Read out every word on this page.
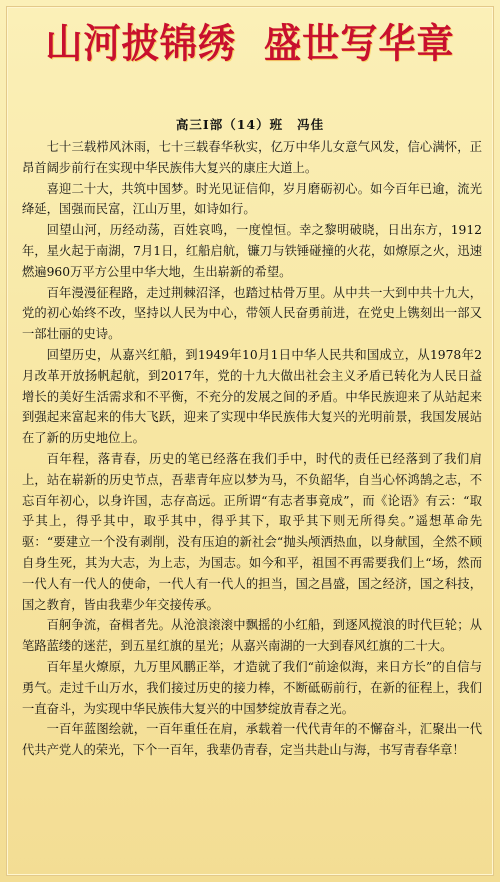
山河披锦绣 盛世写华章
高三Ⅰ部（14）班 冯佳

七十三载栉风沐雨，七十三载春华秋实，亿万中华儿女意气风发，信心满怀，正昂首阔步前行在实现中华民族伟大复兴的康庄大道上。

喜迎二十大，共筑中国梦。时光见证信仰，岁月磨砺初心。如今百年已逾，流光绛延，国强而民富，江山万里，如诗如行。

回望山河，历经动荡，百姓哀鸣，一度惶恒。幸之黎明破晓，日出东方，1912年，星火起于南湖，7月1日，红船启航，镰刀与铁锤碰撞的火花，如燎原之火，迅速燃遍960万平方公里中华大地，生出崭新的希望。

百年漫漫征程路，走过荆棘沼泽，也踏过枯骨万里。从中共一大到中共十九大，党的初心始终不改，坚持以人民为中心，带领人民奋勇前进，在党史上镌刻出一部又一部壮丽的史诗。

回望历史，从嘉兴红船，到1949年10月1日中华人民共和国成立，从1978年2月改革开放扬帆起航，到2017年，党的十九大做出社会主义矛盾已转化为人民日益增长的美好生活需求和不平衡，不充分的发展之间的矛盾。中华民族迎来了从站起来到强起来富起来的伟大飞跃，迎来了实现中华民族伟大复兴的光明前景，我国发展站在了新的历史地位上。

百年程，落青春，历史的笔已经落在我们手中，时代的责任已经落到了我们肩上，站在崭新的历史节点，吾辈青年应以梦为马，不负韶华，自当心怀鸿鹄之志，不忘百年初心，以身许国，志存高远。正所谓“有志者事竟成”，而《论语》有云：“取乎其上，得乎其中，取乎其中，得乎其下，取乎其下则无所得矣。”遥想革命先驱：“要建立一个没有剥削，没有压迫的新社会“抛头颅洒热血，以身献国，全然不顾自身生死，其为大志，为上志，为国志。如今和平，祖国不再需要我们上“场，然而一代人有一代人的使命，一代人有一代人的担当，国之昌盛，国之经济，国之科技，国之教育，皆由我辈少年交接传承。

百舸争流，奋楫者先。从沧浪滚滚中飘摇的小红船，到逐风搅浪的时代巨轮；从笔路蓝缕的迷茫，到五星红旗的星光；从嘉兴南湖的一大到春风红旗的二十大。

百年星火燎原，九万里风鹏正举，才造就了我们“前途似海，来日方长”的自信与勇气。走过千山万水，我们接过历史的接力棒，不断砥砺前行，在新的征程上，我们一直奋斗，为实现中华民族伟大复兴的中国梦绽放青春之光。

一百年蓝图绘就，一百年重任在肩，承载着一代代青年的不懈奋斗，汇聚出一代代共产党人的荣光，下个一百年，我辈仍青春，定当共赴山与海，书写青春华章！
